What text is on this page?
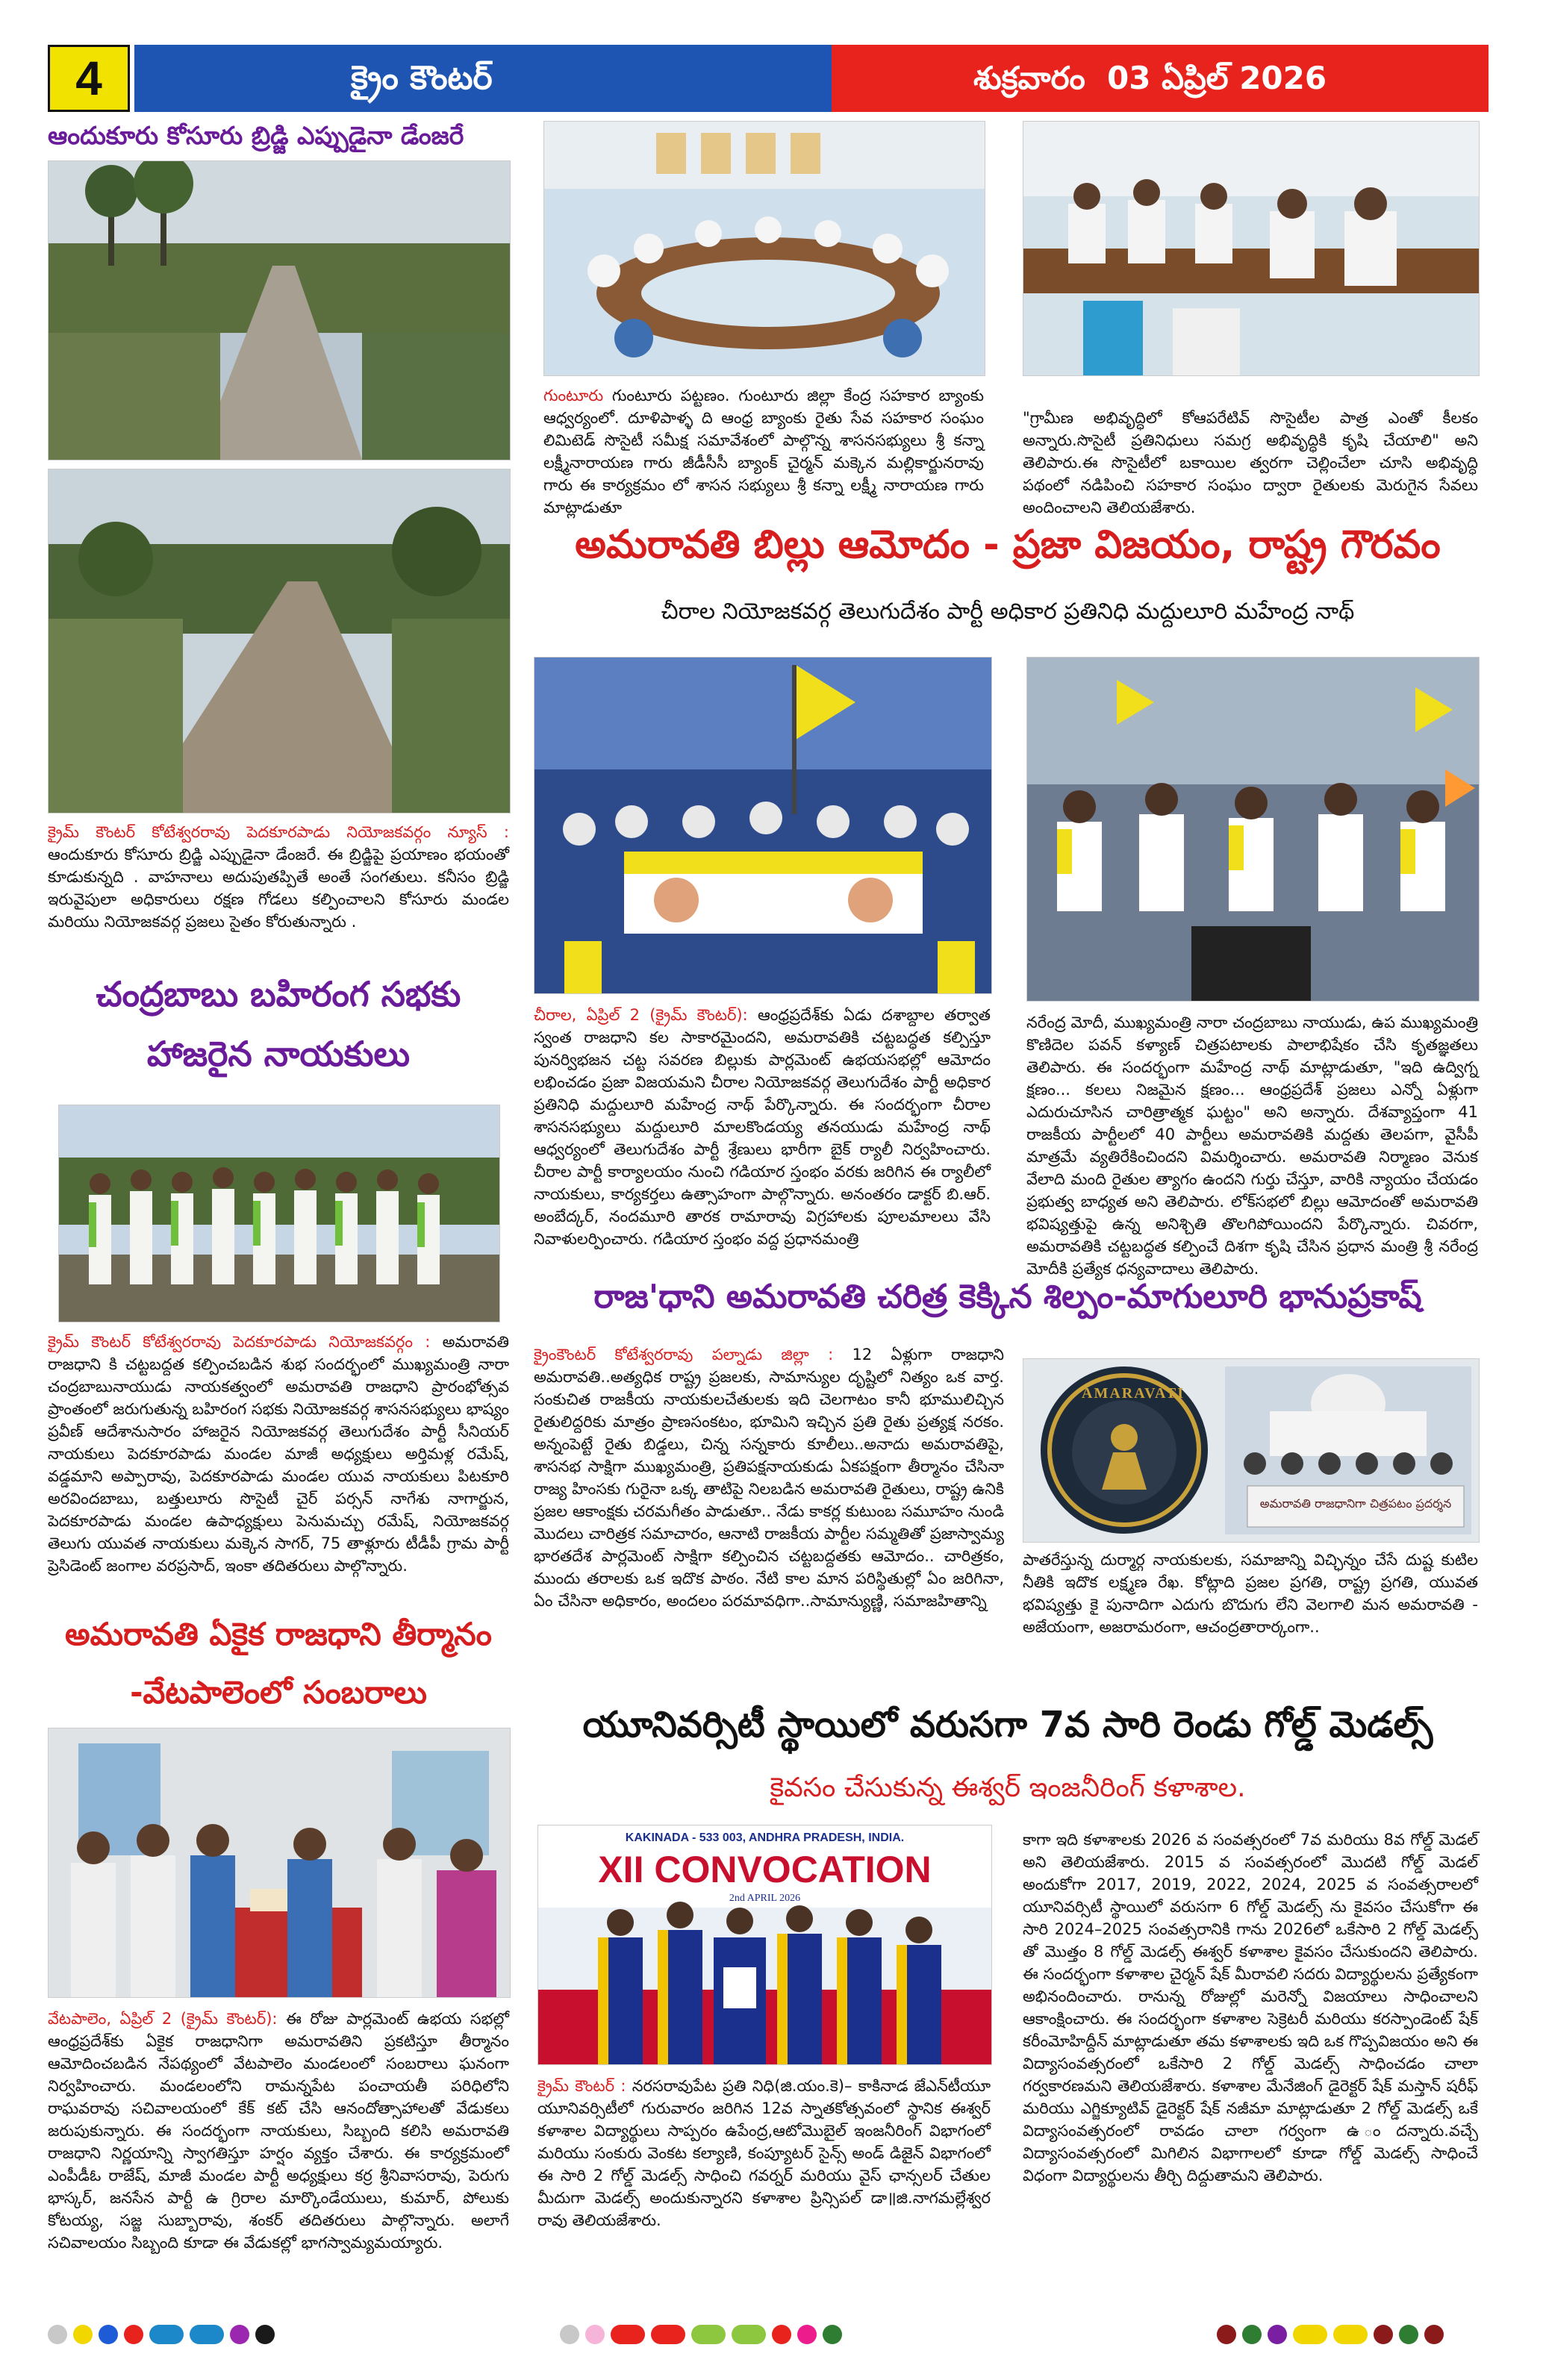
4	క్రైం కౌంటర్	శుక్రవారం  03 ఏప్రిల్ 2026
ఆందుకూరు కోసూరు బ్రిడ్జి ఎప్పుడైనా డేంజరే
క్రైమ్ కౌంటర్ కోటేశ్వరరావు పెదకూరపాడు నియోజకవర్గం న్యూస్ : ఆందుకూరు కోసూరు బ్రిడ్జి ఎప్పుడైనా డేంజరే. ఈ బ్రిడ్జిపై ప్రయాణం భయంతో కూడుకున్నది . వాహనాలు అదుపుతప్పితే అంతే సంగతులు. కనీసం బ్రిడ్జి ఇరువైపులా అధికారులు రక్షణ గోడలు కల్పించాలని కోసూరు మండల మరియు నియోజకవర్గ ప్రజలు సైతం కోరుతున్నారు .
చంద్రబాబు బహిరంగ సభకు
హాజరైన నాయకులు
క్రైమ్ కౌంటర్ కోటేశ్వరరావు పెదకూరపాడు నియోజకవర్గం : అమరావతి రాజధాని కి చట్టబద్దత కల్పించబడిన శుభ సందర్భంలో ముఖ్యమంత్రి నారా చంద్రబాబునాయుడు నాయకత్వంలో అమరావతి రాజధాని ప్రారంభోత్సవ ప్రాంతంలో జరుగుతున్న బహిరంగ సభకు నియోజకవర్గ శాసనసభ్యులు భాష్యం ప్రవీణ్ ఆదేశానుసారం హాజరైన నియోజకవర్గ తెలుగుదేశం పార్టీ సీనియర్ నాయకులు పెదకూరపాడు మండల మాజీ అధ్యక్షులు అర్తిమళ్ల రమేష్, వడ్డమాని అప్పారావు, పెదకూరపాడు మండల యువ నాయకులు పిటకూరి అరవిందబాబు, బత్తులూరు సొసైటీ చైర్ పర్సన్ నాగేశు నాగార్జున, పెదకూరపాడు మండల ఉపాధ్యక్షులు పెనుమచ్చు రమేష్, నియోజకవర్గ తెలుగు యువత నాయకులు మక్కెన సాగర్, 75 తాళ్లూరు టీడీపీ గ్రామ పార్టీ ప్రెసిడెంట్ జంగాల వరప్రసాద్, ఇంకా తదితరులు పాల్గొన్నారు.
అమరావతి ఏకైక రాజధాని తీర్మానం
-వేటపాలెంలో సంబరాలు
వేటపాలెం, ఏప్రిల్ 2 (క్రైమ్ కౌంటర్): ఈ రోజు పార్లమెంట్ ఉభయ సభల్లో ఆంధ్రప్రదేశ్‌కు ఏకైక రాజధానిగా అమరావతిని ప్రకటిస్తూ తీర్మానం ఆమోదించబడిన నేపథ్యంలో వేటపాలెం మండలంలో సంబరాలు ఘనంగా నిర్వహించారు. మండలంలోని రామన్నపేట పంచాయతీ పరిధిలోని రాఘవరావు సచివాలయంలో కేక్ కట్ చేసి ఆనందోత్సాహాలతో వేడుకలు జరుపుకున్నారు. ఈ సందర్భంగా నాయకులు, సిబ్బంది కలిసి అమరావతి రాజధాని నిర్ణయాన్ని స్వాగతిస్తూ హర్షం వ్యక్తం చేశారు. ఈ కార్యక్రమంలో ఎంపీడీఓ రాజేష్, మాజీ మండల పార్టీ అధ్యక్షులు కర్ర శ్రీనివాసరావు, పెరుగు భాస్కర్, జనసేన పార్టీ ఉ గ్రిరాల మార్కొండేయులు, కుమార్, పోలుకు కోటయ్య, సజ్జ సుబ్బారావు, శంకర్ తదితరులు పాల్గొన్నారు. అలాగే సచివాలయం సిబ్బంది కూడా ఈ వేడుకల్లో భాగస్వామ్యమయ్యారు.
గుంటూరు గుంటూరు పట్టణం. గుంటూరు జిల్లా కేంద్ర సహకార బ్యాంకు ఆధ్వర్యంలో. దూళిపాళ్ళ ది ఆంధ్ర బ్యాంకు రైతు సేవ సహకార సంఘం లిమిటెడ్ సొసైటీ సమీక్ష సమావేశంలో పాల్గొన్న శాసనసభ్యులు శ్రీ కన్నా లక్ష్మీనారాయణ గారు జీడీసీసీ బ్యాంక్ చైర్మన్ మక్కెన మల్లికార్జునరావు గారు ఈ కార్యక్రమం లో శాసన సభ్యులు శ్రీ కన్నా లక్ష్మీ నారాయణ గారు మాట్లాడుతూ
"గ్రామీణ అభివృద్ధిలో కోఆపరేటివ్ సొసైటీల పాత్ర ఎంతో కీలకం అన్నారు.సొసైటీ ప్రతినిధులు సమగ్ర అభివృద్ధికి కృషి చేయాలి" అని తెలిపారు.ఈ సొసైటీలో బకాయిల త్వరగా చెల్లించేలా చూసి అభివృద్ధి పథంలో నడిపించి సహకార సంఘం ద్వారా రైతులకు మెరుగైన సేవలు అందించాలని తెలియజేశారు.
అమరావతి బిల్లు ఆమోదం - ప్రజా విజయం, రాష్ట్ర గౌరవం
చీరాల నియోజకవర్గ తెలుగుదేశం పార్టీ అధికార ప్రతినిధి మద్దులూరి మహేంద్ర నాథ్
చీరాల, ఏప్రిల్ 2 (క్రైమ్ కౌంటర్): ఆంధ్రప్రదేశ్‌కు ఏడు దశాబ్దాల తర్వాత స్వంత రాజధాని కల సాకారమైందని, అమరావతికి చట్టబద్ధత కల్పిస్తూ పునర్విభజన చట్ట సవరణ బిల్లుకు పార్లమెంట్ ఉభయసభల్లో ఆమోదం లభించడం ప్రజా విజయమని చీరాల నియోజకవర్గ తెలుగుదేశం పార్టీ అధికార ప్రతినిధి మద్దులూరి మహేంద్ర నాథ్ పేర్కొన్నారు. ఈ సందర్భంగా చీరాల శాసనసభ్యులు మద్దులూరి మాలకొండయ్య తనయుడు మహేంద్ర నాథ్ ఆధ్వర్యంలో తెలుగుదేశం పార్టీ శ్రేణులు భారీగా బైక్ ర్యాలీ నిర్వహించారు. చీరాల పార్టీ కార్యాలయం నుంచి గడియార స్తంభం వరకు జరిగిన ఈ ర్యాలీలో నాయకులు, కార్యకర్తలు ఉత్సాహంగా పాల్గొన్నారు. అనంతరం డాక్టర్ బి.ఆర్. అంబేద్కర్, నందమూరి తారక రామారావు విగ్రహాలకు పూలమాలలు వేసి నివాళులర్పించారు. గడియార స్తంభం వద్ద ప్రధానమంత్రి
నరేంద్ర మోదీ, ముఖ్యమంత్రి నారా చంద్రబాబు నాయుడు, ఉప ముఖ్యమంత్రి కొణిదెల పవన్ కళ్యాణ్ చిత్రపటాలకు పాలాభిషేకం చేసి కృతజ్ఞతలు తెలిపారు. ఈ సందర్భంగా మహేంద్ర నాథ్ మాట్లాడుతూ, "ఇది ఉద్విగ్న క్షణం... కలలు నిజమైన క్షణం... ఆంధ్రప్రదేశ్ ప్రజలు ఎన్నో ఏళ్లుగా ఎదురుచూసిన చారిత్రాత్మక ఘట్టం" అని అన్నారు. దేశవ్యాప్తంగా 41 రాజకీయ పార్టీలలో 40 పార్టీలు అమరావతికి మద్దతు తెలపగా, వైసీపీ మాత్రమే వ్యతిరేకించిందని విమర్శించారు. అమరావతి నిర్మాణం వెనుక వేలాది మంది రైతుల త్యాగం ఉందని గుర్తు చేస్తూ, వారికి న్యాయం చేయడం ప్రభుత్వ బాధ్యత అని తెలిపారు. లోక్‌సభలో బిల్లు ఆమోదంతో అమరావతి భవిష్యత్తుపై ఉన్న అనిశ్చితి తొలగిపోయిందని పేర్కొన్నారు. చివరగా, అమరావతికి చట్టబద్ధత కల్పించే దిశగా కృషి చేసిన ప్రధాన మంత్రి శ్రీ నరేంద్ర మోదీకి ప్రత్యేక ధన్యవాదాలు తెలిపారు.
రాజ'ధాని అమరావతి చరిత్ర కెక్కిన శిల్పం-మాగులూరి భానుప్రకాష్
క్రైంకౌంటర్ కోటేశ్వరరావు పల్నాడు జిల్లా : 12 ఏళ్లుగా రాజధాని అమరావతి..అత్యధిక రాష్ట్ర ప్రజలకు, సామాన్యుల దృష్టిలో నిత్యం ఒక వార్త. సంకుచిత రాజకీయ నాయకులచేతులకు ఇది చెలగాటం కానీ భూములిచ్చిన రైతులిద్దరికు మాత్రం ప్రాణసంకటం, భూమిని ఇచ్చిన ప్రతి రైతు ప్రత్యక్ష నరకం. అన్నంపెట్టే రైతు బిడ్డలు, చిన్న సన్నకారు కూలీలు..అనాదు అమరావతిపై, శాసనభ సాక్షిగా ముఖ్యమంత్రి, ప్రతిపక్షనాయకుడు ఏకపక్షంగా తీర్మానం చేసినా రాజ్య హింసకు గురైనా ఒక్క తాటిపై నిలబడిన అమరావతి రైతులు, రాష్ట్ర ఉనికి ప్రజల ఆకాంక్షకు చరమగీతం పాడుతూ.. నేడు కాకర్ల కుటుంబ సమూహం నుండి మొదలు చారిత్రక సమాచారం, ఆనాటి రాజకీయ పార్టీల సమ్మతితో ప్రజాస్వామ్య భారతదేశ పార్లమెంట్ సాక్షిగా కల్పించిన చట్టబద్దతకు ఆమోదం.. చారిత్రకం, ముందు తరాలకు ఒక ఇదొక పాఠం. నేటి కాల మాన పరిస్థితుల్లో ఏం జరిగినా, ఏం చేసినా అధికారం, అందలం పరమావధిగా..సామాన్యుణ్ణి, సమాజహితాన్ని
AMARAVATI
అమరావతి రాజధానిగా చిత్రపటం ప్రదర్శన
పాతరేస్తున్న దుర్మార్గ నాయకులకు, సమాజాన్ని విచ్ఛిన్నం చేసే దుష్ట కుటిల నీతికి ఇదొక లక్ష్మణ రేఖ. కోట్లాది ప్రజల ప్రగతి, రాష్ట్ర ప్రగతి, యువత భవిష్యత్తు కై పునాదిగా ఎదుగు బొదుగు లేని వెలగాలి మన అమరావతి - అజేయంగా, అజరామరంగా, ఆచంద్రతారార్కంగా..
యూనివర్సిటీ స్థాయిలో వరుసగా 7వ సారి రెండు గోల్డ్ మెడల్స్
కైవసం చేసుకున్న ఈశ్వర్ ఇంజనీరింగ్ కళాశాల.
KAKINADA - 533 003, ANDHRA PRADESH, INDIA.
XII CONVOCATION
2nd APRIL 2026
క్రైమ్ కౌంటర్ : నరసరావుపేట ప్రతి నిధి(జి.యం.కె)– కాకినాడ జేఎన్‌టీయూ యూనివర్సిటీలో గురువారం జరిగిన 12వ స్నాతకోత్సవంలో స్థానిక ఈశ్వర్ కళాశాల విద్యార్థులు సాప్పరం ఉపేంద్ర,ఆటోమొబైల్ ఇంజనీరింగ్ విభాగంలో మరియు సంకురు వెంకట కల్యాణి, కంప్యూటర్ సైన్స్ అండ్ డిజైన్ విభాగంలో ఈ సారి 2 గోల్డ్ మెడల్స్ సాధించి గవర్నర్ మరియు వైస్ ఛాన్సలర్ చేతుల మీదుగా మెడల్స్ అందుకున్నారని కళాశాల ప్రిన్సిపల్ డా॥జి.నాగమల్లేశ్వర రావు తెలియజేశారు.
కాగా ఇది కళాశాలకు 2026 వ సంవత్సరంలో 7వ మరియు 8వ గోల్డ్ మెడల్ అని తెలియజేశారు. 2015 వ సంవత్సరంలో మొదటి గోల్డ్ మెడల్ అందుకోగా 2017, 2019, 2022, 2024, 2025 వ సంవత్సరాలలో యూనివర్సిటీ స్థాయిలో వరుసగా 6 గోల్డ్ మెడల్స్ ను కైవసం చేసుకోగా ఈ సారి 2024–2025 సంవత్సరానికి గాను 2026లో ఒకేసారి 2 గోల్డ్ మెడల్స్ తో మొత్తం 8 గోల్డ్ మెడల్స్ ఈశ్వర్ కళాశాల కైవసం చేసుకుందని తెలిపారు. ఈ సందర్భంగా కళాశాల చైర్మన్ షేక్ మీరావలి సదరు విద్యార్థులను ప్రత్యేకంగా అభినందించారు. రానున్న రోజుల్లో మరెన్నో విజయాలు సాధించాలని ఆకాంక్షించారు. ఈ సందర్భంగా కళాశాల సెక్రెటరీ మరియు కరస్పాండెంట్ షేక్ కరీంమోహిద్దీన్ మాట్లాడుతూ తమ కళాశాలకు ఇది ఒక గొప్పవిజయం అని ఈ విద్యాసంవత్సరంలో ఒకేసారి 2 గోల్డ్ మెడల్స్ సాధించడం చాలా గర్వకారణమని తెలియజేశారు. కళాశాల మేనేజింగ్ డైరెక్టర్ షేక్ మస్తాన్ షరీఫ్ మరియు ఎగ్జిక్యూటివ్ డైరెక్టర్ షేక్ నజీమా మాట్లాడుతూ 2 గోల్డ్ మెడల్స్ ఒకే విద్యాసంవత్సరంలో రావడం చాలా గర్వంగా ఉ ందన్నారు.వచ్చే విద్యాసంవత్సరంలో మిగిలిన విభాగాలలో కూడా గోల్డ్ మెడల్స్ సాధించే విధంగా విద్యార్థులను తీర్చి దిద్దుతామని తెలిపారు.
